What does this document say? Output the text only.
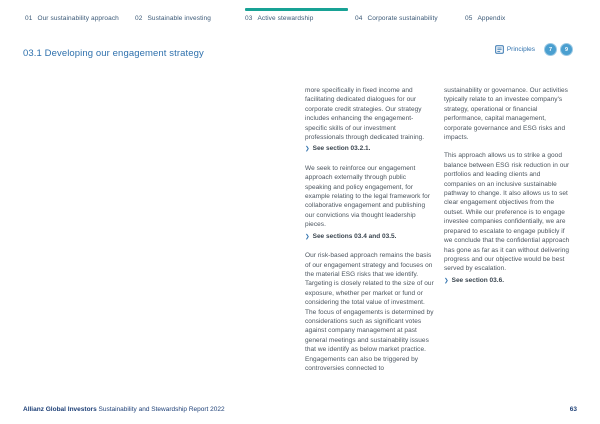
01 Our sustainability approach	02 Sustainable investing	03 Active stewardship	04 Corporate sustainability	05 Appendix
03.1 Developing our engagement strategy	Principles	7	9

more specifically in fixed income and facilitating dedicated dialogues for our corporate credit strategies. Our strategy includes enhancing the engagement-specific skills of our investment professionals through dedicated training.

❯ See section 03.2.1.

We seek to reinforce our engagement approach externally through public speaking and policy engagement, for example relating to the legal framework for collaborative engagement and publishing our convictions via thought leadership pieces.

❯ See sections 03.4 and 03.5.

Our risk-based approach remains the basis of our engagement strategy and focuses on the material ESG risks that we identify. Targeting is closely related to the size of our exposure, whether per market or fund or considering the total value of investment. The focus of engagements is determined by considerations such as significant votes against company management at past general meetings and sustainability issues that we identify as below market practice. Engagements can also be triggered by controversies connected to

sustainability or governance. Our activities typically relate to an investee company's strategy, operational or financial performance, capital management, corporate governance and ESG risks and impacts.

This approach allows us to strike a good balance between ESG risk reduction in our portfolios and leading clients and companies on an inclusive sustainable pathway to change. It also allows us to set clear engagement objectives from the outset. While our preference is to engage investee companies confidentially, we are prepared to escalate to engage publicly if we conclude that the confidential approach has gone as far as it can without delivering progress and our objective would be best served by escalation.

❯ See section 03.6.
Allianz Global Investors Sustainability and Stewardship Report 2022	63
